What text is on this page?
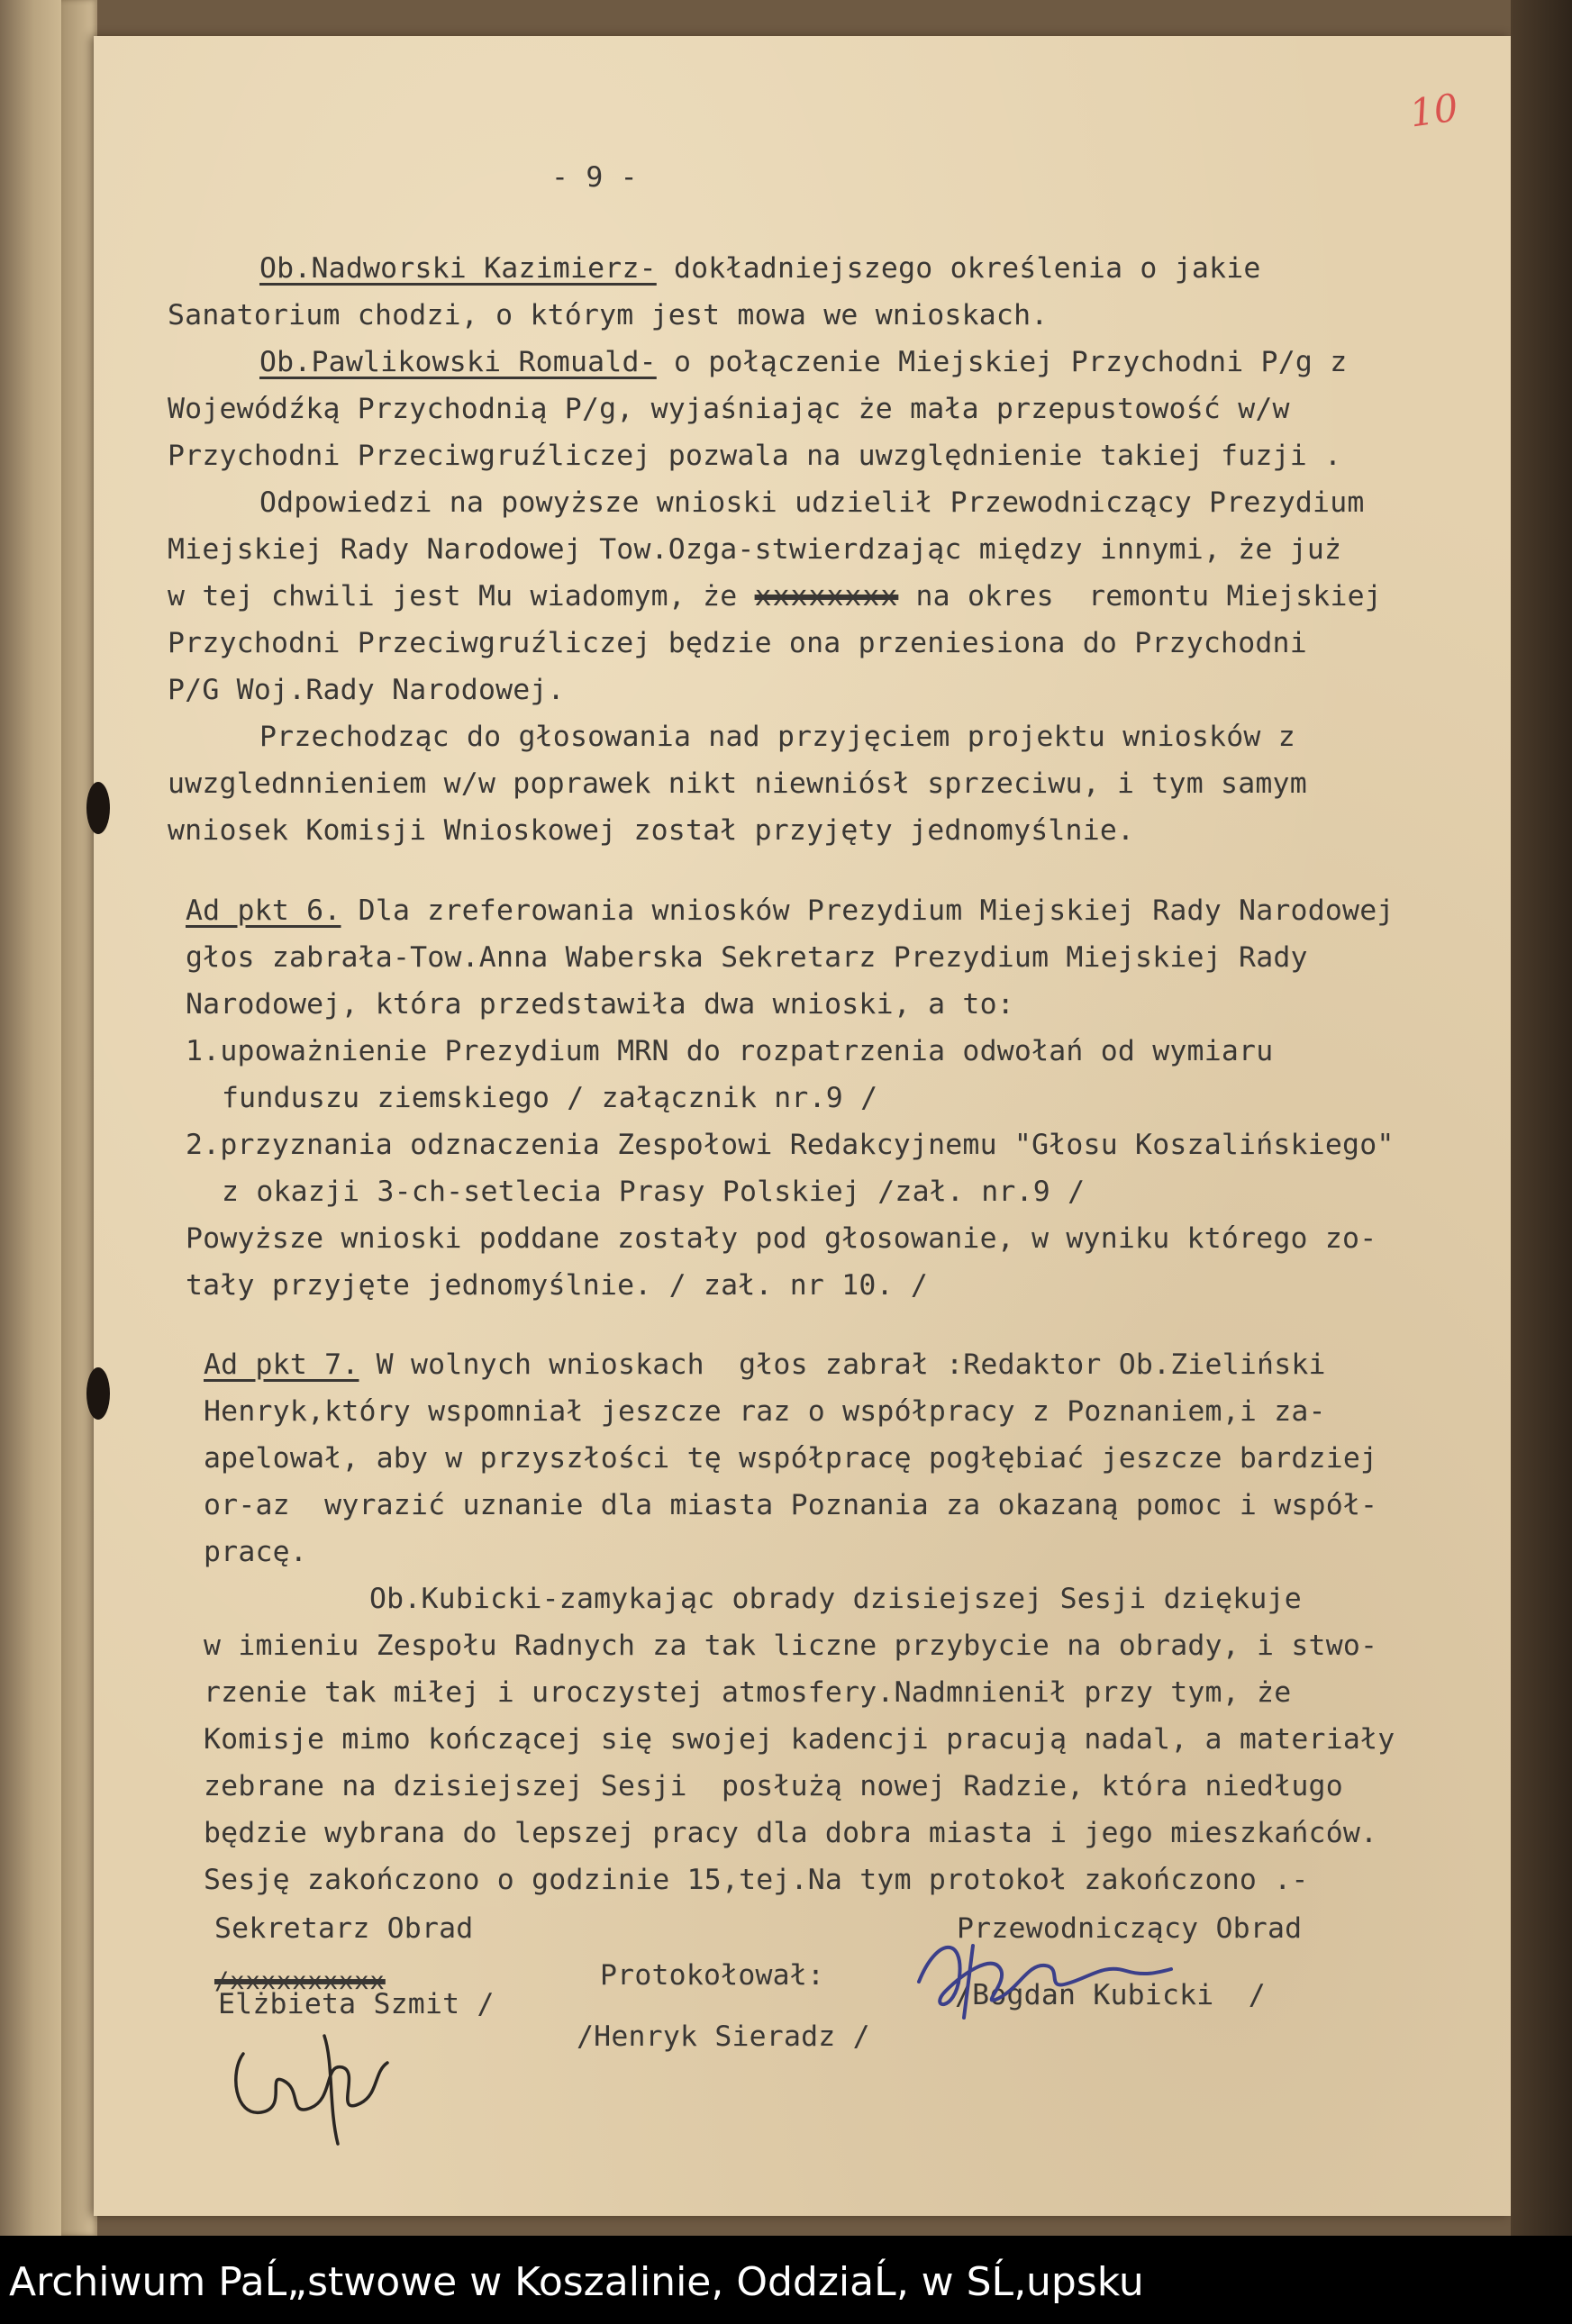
10
- 9 -
Ob.Nadworski Kazimierz- dokładniejszego określenia o jakie
Sanatorium chodzi, o którym jest mowa we wnioskach.
Ob.Pawlikowski Romuald- o połączenie Miejskiej Przychodni P/g z
Wojewódźką Przychodnią P/g, wyjaśniając że mała przepustowość w/w
Przychodni Przeciwgruźliczej pozwala na uwzględnienie takiej fuzji .
Odpowiedzi na powyższe wnioski udzielił Przewodniczący Prezydium
Miejskiej Rady Narodowej Tow.Ozga-stwierdzając między innymi, że już
w tej chwili jest Mu wiadomym, że xxxxxxxx na okres  remontu Miejskiej
Przychodni Przeciwgruźliczej będzie ona przeniesiona do Przychodni
P/G Woj.Rady Narodowej.
Przechodząc do głosowania nad przyjęciem projektu wniosków z
uwzglednnieniem w/w poprawek nikt niewniósł sprzeciwu, i tym samym
wniosek Komisji Wnioskowej został przyjęty jednomyślnie.
Ad pkt 6. Dla zreferowania wniosków Prezydium Miejskiej Rady Narodowej
głos zabrała-Tow.Anna Waberska Sekretarz Prezydium Miejskiej Rady
Narodowej, która przedstawiła dwa wnioski, a to:
1.upoważnienie Prezydium MRN do rozpatrzenia odwołań od wymiaru
funduszu ziemskiego / załącznik nr.9 /
2.przyznania odznaczenia Zespołowi Redakcyjnemu "Głosu Koszalińskiego"
z okazji 3-ch-setlecia Prasy Polskiej /zał. nr.9 /
Powyższe wnioski poddane zostały pod głosowanie, w wyniku którego zo-
tały przyjęte jednomyślnie. / zał. nr 10. /
Ad pkt 7. W wolnych wnioskach  głos zabrał :Redaktor Ob.Zieliński
Henryk,który wspomniał jeszcze raz o współpracy z Poznaniem,i za-
apelował, aby w przyszłości tę współpracę pogłębiać jeszcze bardziej
or-az  wyrazić uznanie dla miasta Poznania za okazaną pomoc i współ-
pracę.
Ob.Kubicki-zamykając obrady dzisiejszej Sesji dziękuje
w imieniu Zespołu Radnych za tak liczne przybycie na obrady, i stwo-
rzenie tak miłej i uroczystej atmosfery.Nadmnienił przy tym, że
Komisje mimo kończącej się swojej kadencji pracują nadal, a materiały
zebrane na dzisiejszej Sesji  posłużą nowej Radzie, która niedługo
będzie wybrana do lepszej pracy dla dobra miasta i jego mieszkańców.
Sesję zakończono o godzinie 15,tej.Na tym protokoł zakończono .-
Sekretarz Obrad
/xxxxxxxxxx
Elżbieta Szmit /
Protokołował:
/Henryk Sieradz /
Przewodniczący Obrad
/Bogdan Kubicki  /
Archiwum PaĹ„stwowe w Koszalinie, OddziaĹ‚ w SĹ‚upsku
